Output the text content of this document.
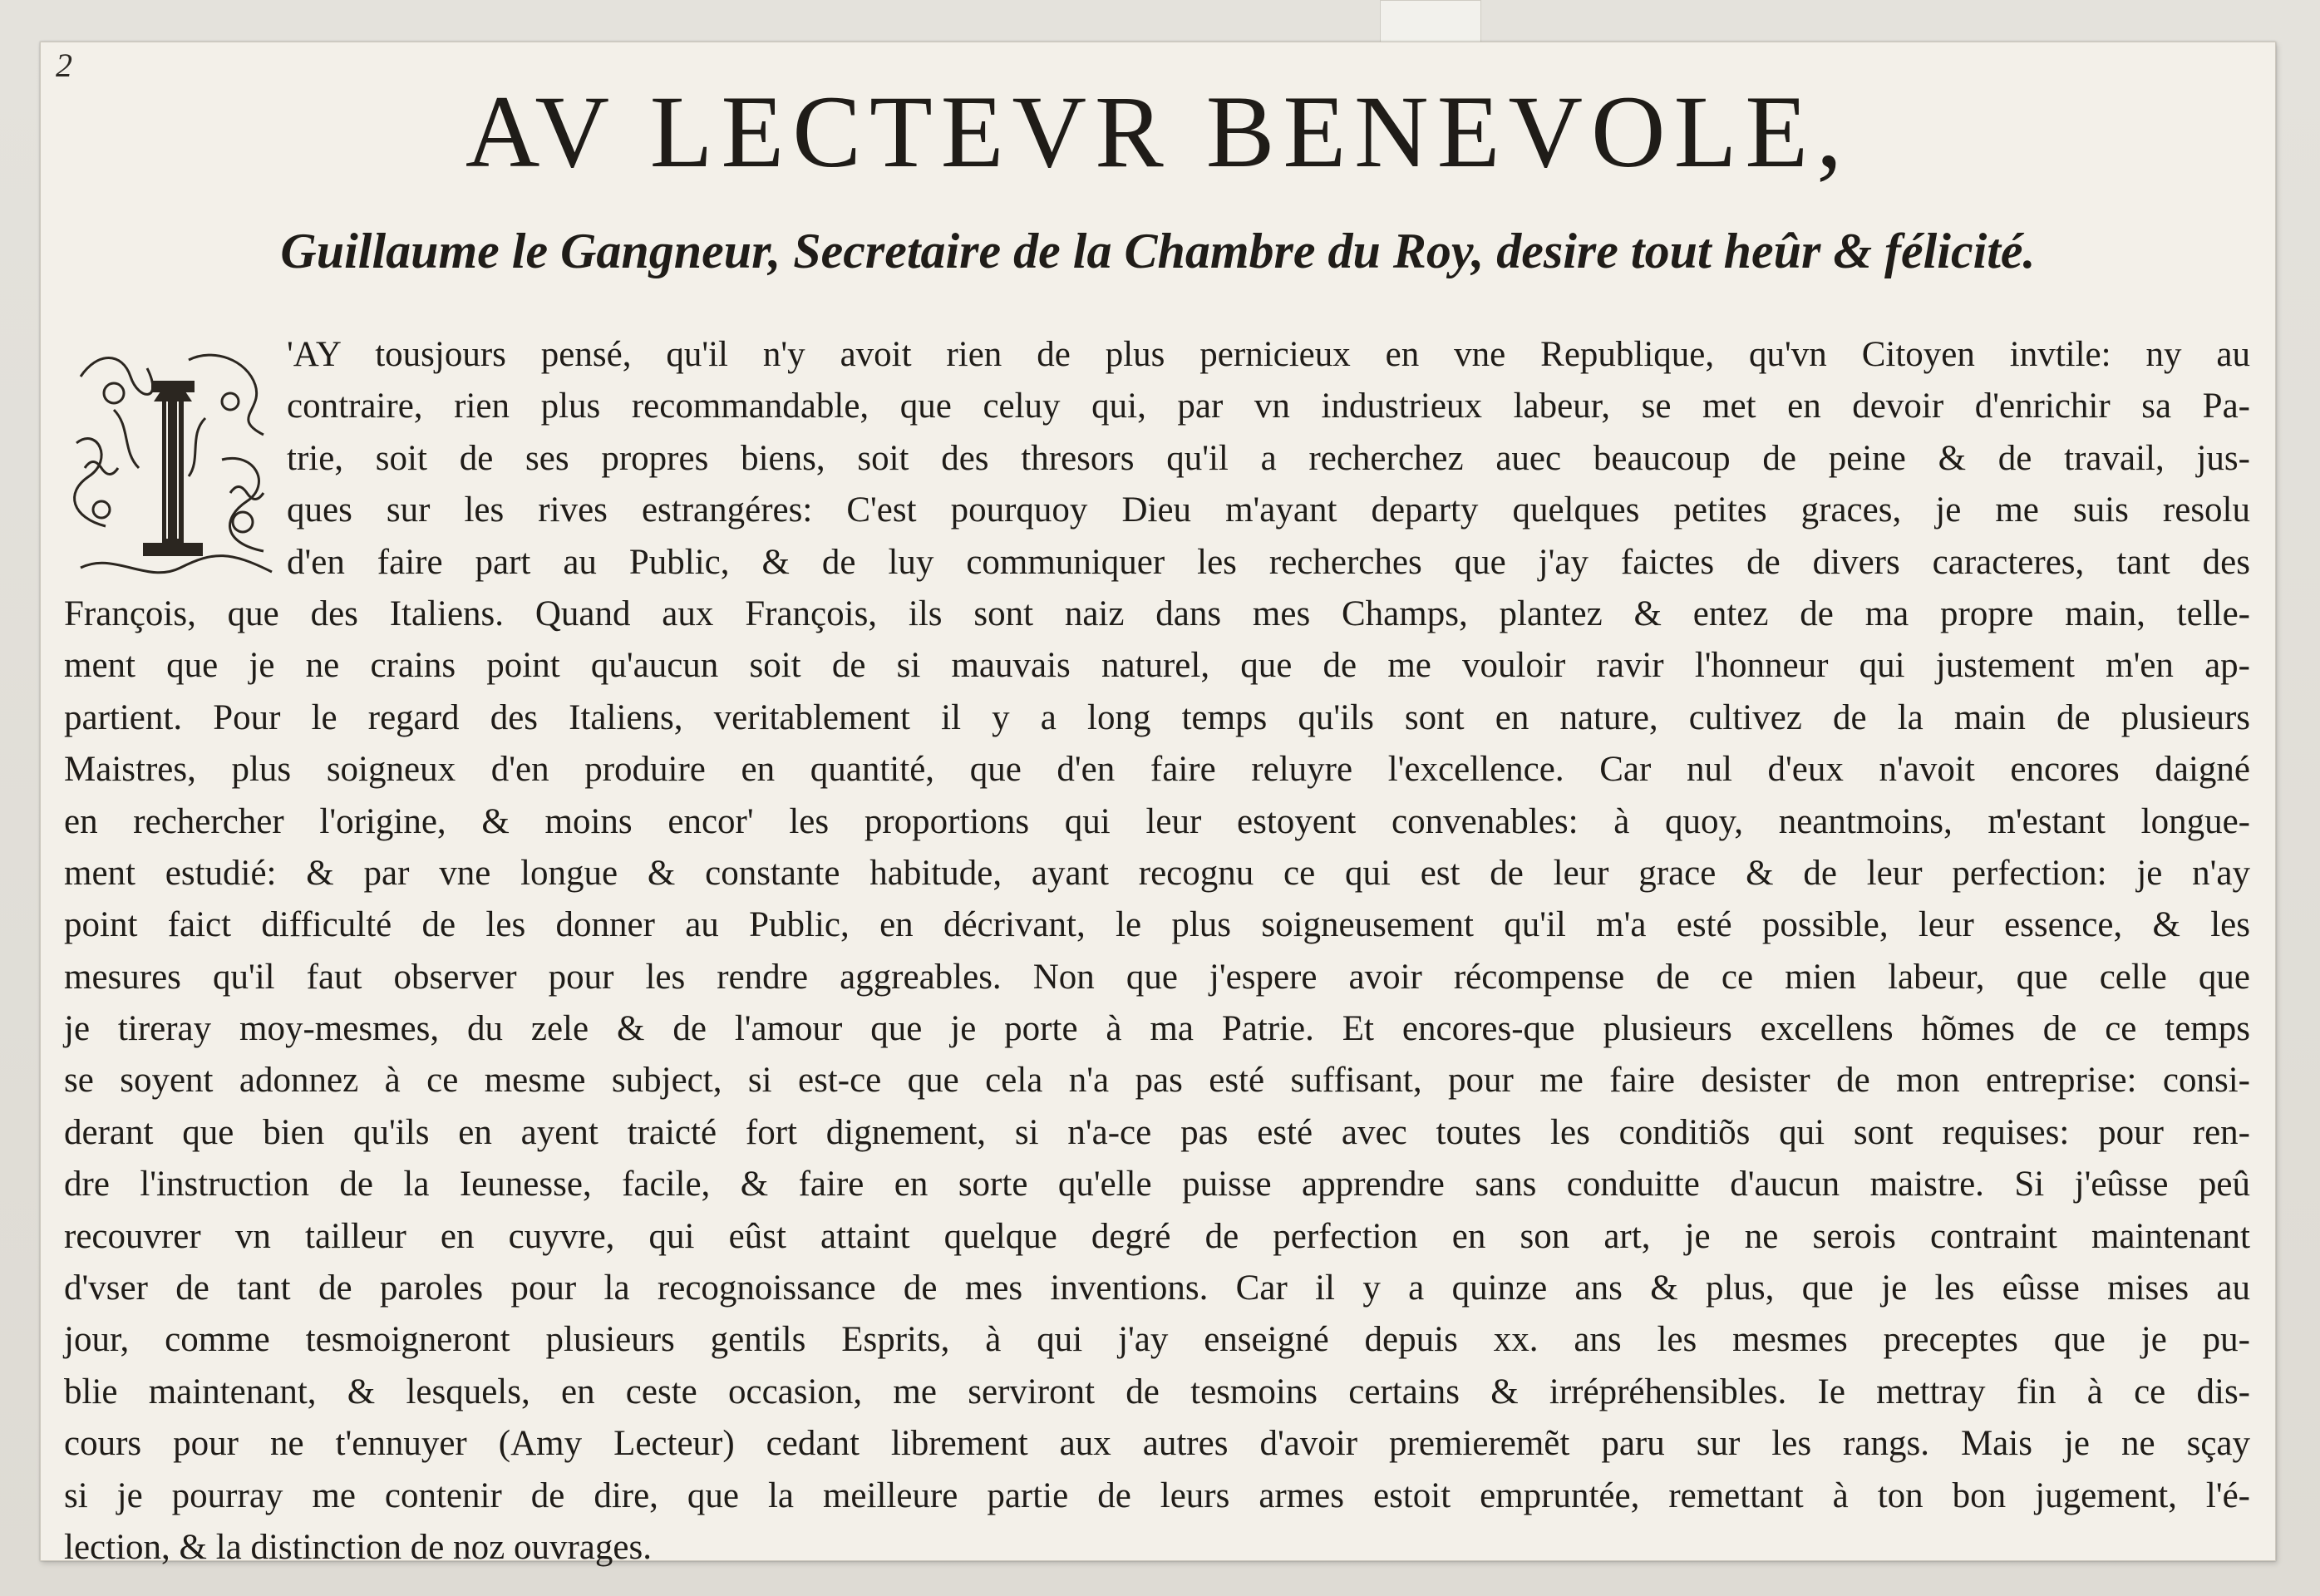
2
AV LECTEVR BENEVOLE,
Guillaume le Gangneur, Secretaire de la Chambre du Roy, desire tout heûr & félicité.
'AY tousjours pensé, qu'il n'y avoit rien de plus pernicieux en vne Republique, qu'vn Citoyen invtile: ny au
contraire, rien plus recommandable, que celuy qui, par vn industrieux labeur, se met en devoir d'enrichir sa Pa-
trie, soit de ses propres biens, soit des thresors qu'il a recherchez auec beaucoup de peine & de travail, jus-
ques sur les rives estrangéres: C'est pourquoy Dieu m'ayant departy quelques petites graces, je me suis resolu
d'en faire part au Public, & de luy communiquer les recherches que j'ay faictes de divers caracteres, tant des
François, que des Italiens. Quand aux François, ils sont naiz dans mes Champs, plantez & entez de ma propre main, telle-
ment que je ne crains point qu'aucun soit de si mauvais naturel, que de me vouloir ravir l'honneur qui justement m'en ap-
partient. Pour le regard des Italiens, veritablement il y a long temps qu'ils sont en nature, cultivez de la main de plusieurs
Maistres, plus soigneux d'en produire en quantité, que d'en faire reluyre l'excellence. Car nul d'eux n'avoit encores daigné
en rechercher l'origine, & moins encor' les proportions qui leur estoyent convenables: à quoy, neantmoins, m'estant longue-
ment estudié: & par vne longue & constante habitude, ayant recognu ce qui est de leur grace & de leur perfection: je n'ay
point faict difficulté de les donner au Public, en décrivant, le plus soigneusement qu'il m'a esté possible, leur essence, & les
mesures qu'il faut observer pour les rendre aggreables. Non que j'espere avoir récompense de ce mien labeur, que celle que
je tireray moy-mesmes, du zele & de l'amour que je porte à ma Patrie. Et encores-que plusieurs excellens hõmes de ce temps
se soyent adonnez à ce mesme subject, si est-ce que cela n'a pas esté suffisant, pour me faire desister de mon entreprise: consi-
derant que bien qu'ils en ayent traicté fort dignement, si n'a-ce pas esté avec toutes les conditiõs qui sont requises: pour ren-
dre l'instruction de la Ieunesse, facile, & faire en sorte qu'elle puisse apprendre sans conduitte d'aucun maistre. Si j'eûsse peû
recouvrer vn tailleur en cuyvre, qui eûst attaint quelque degré de perfection en son art, je ne serois contraint maintenant
d'vser de tant de paroles pour la recognoissance de mes inventions. Car il y a quinze ans & plus, que je les eûsse mises au
jour, comme tesmoigneront plusieurs gentils Esprits, à qui j'ay enseigné depuis xx. ans les mesmes preceptes que je pu-
blie maintenant, & lesquels, en ceste occasion, me serviront de tesmoins certains & irrépréhensibles. Ie mettray fin à ce dis-
cours pour ne t'ennuyer (Amy Lecteur) cedant librement aux autres d'avoir premieremẽt paru sur les rangs. Mais je ne sçay
si je pourray me contenir de dire, que la meilleure partie de leurs armes estoit empruntée, remettant à ton bon jugement, l'é-
lection, & la distinction de noz ouvrages.
